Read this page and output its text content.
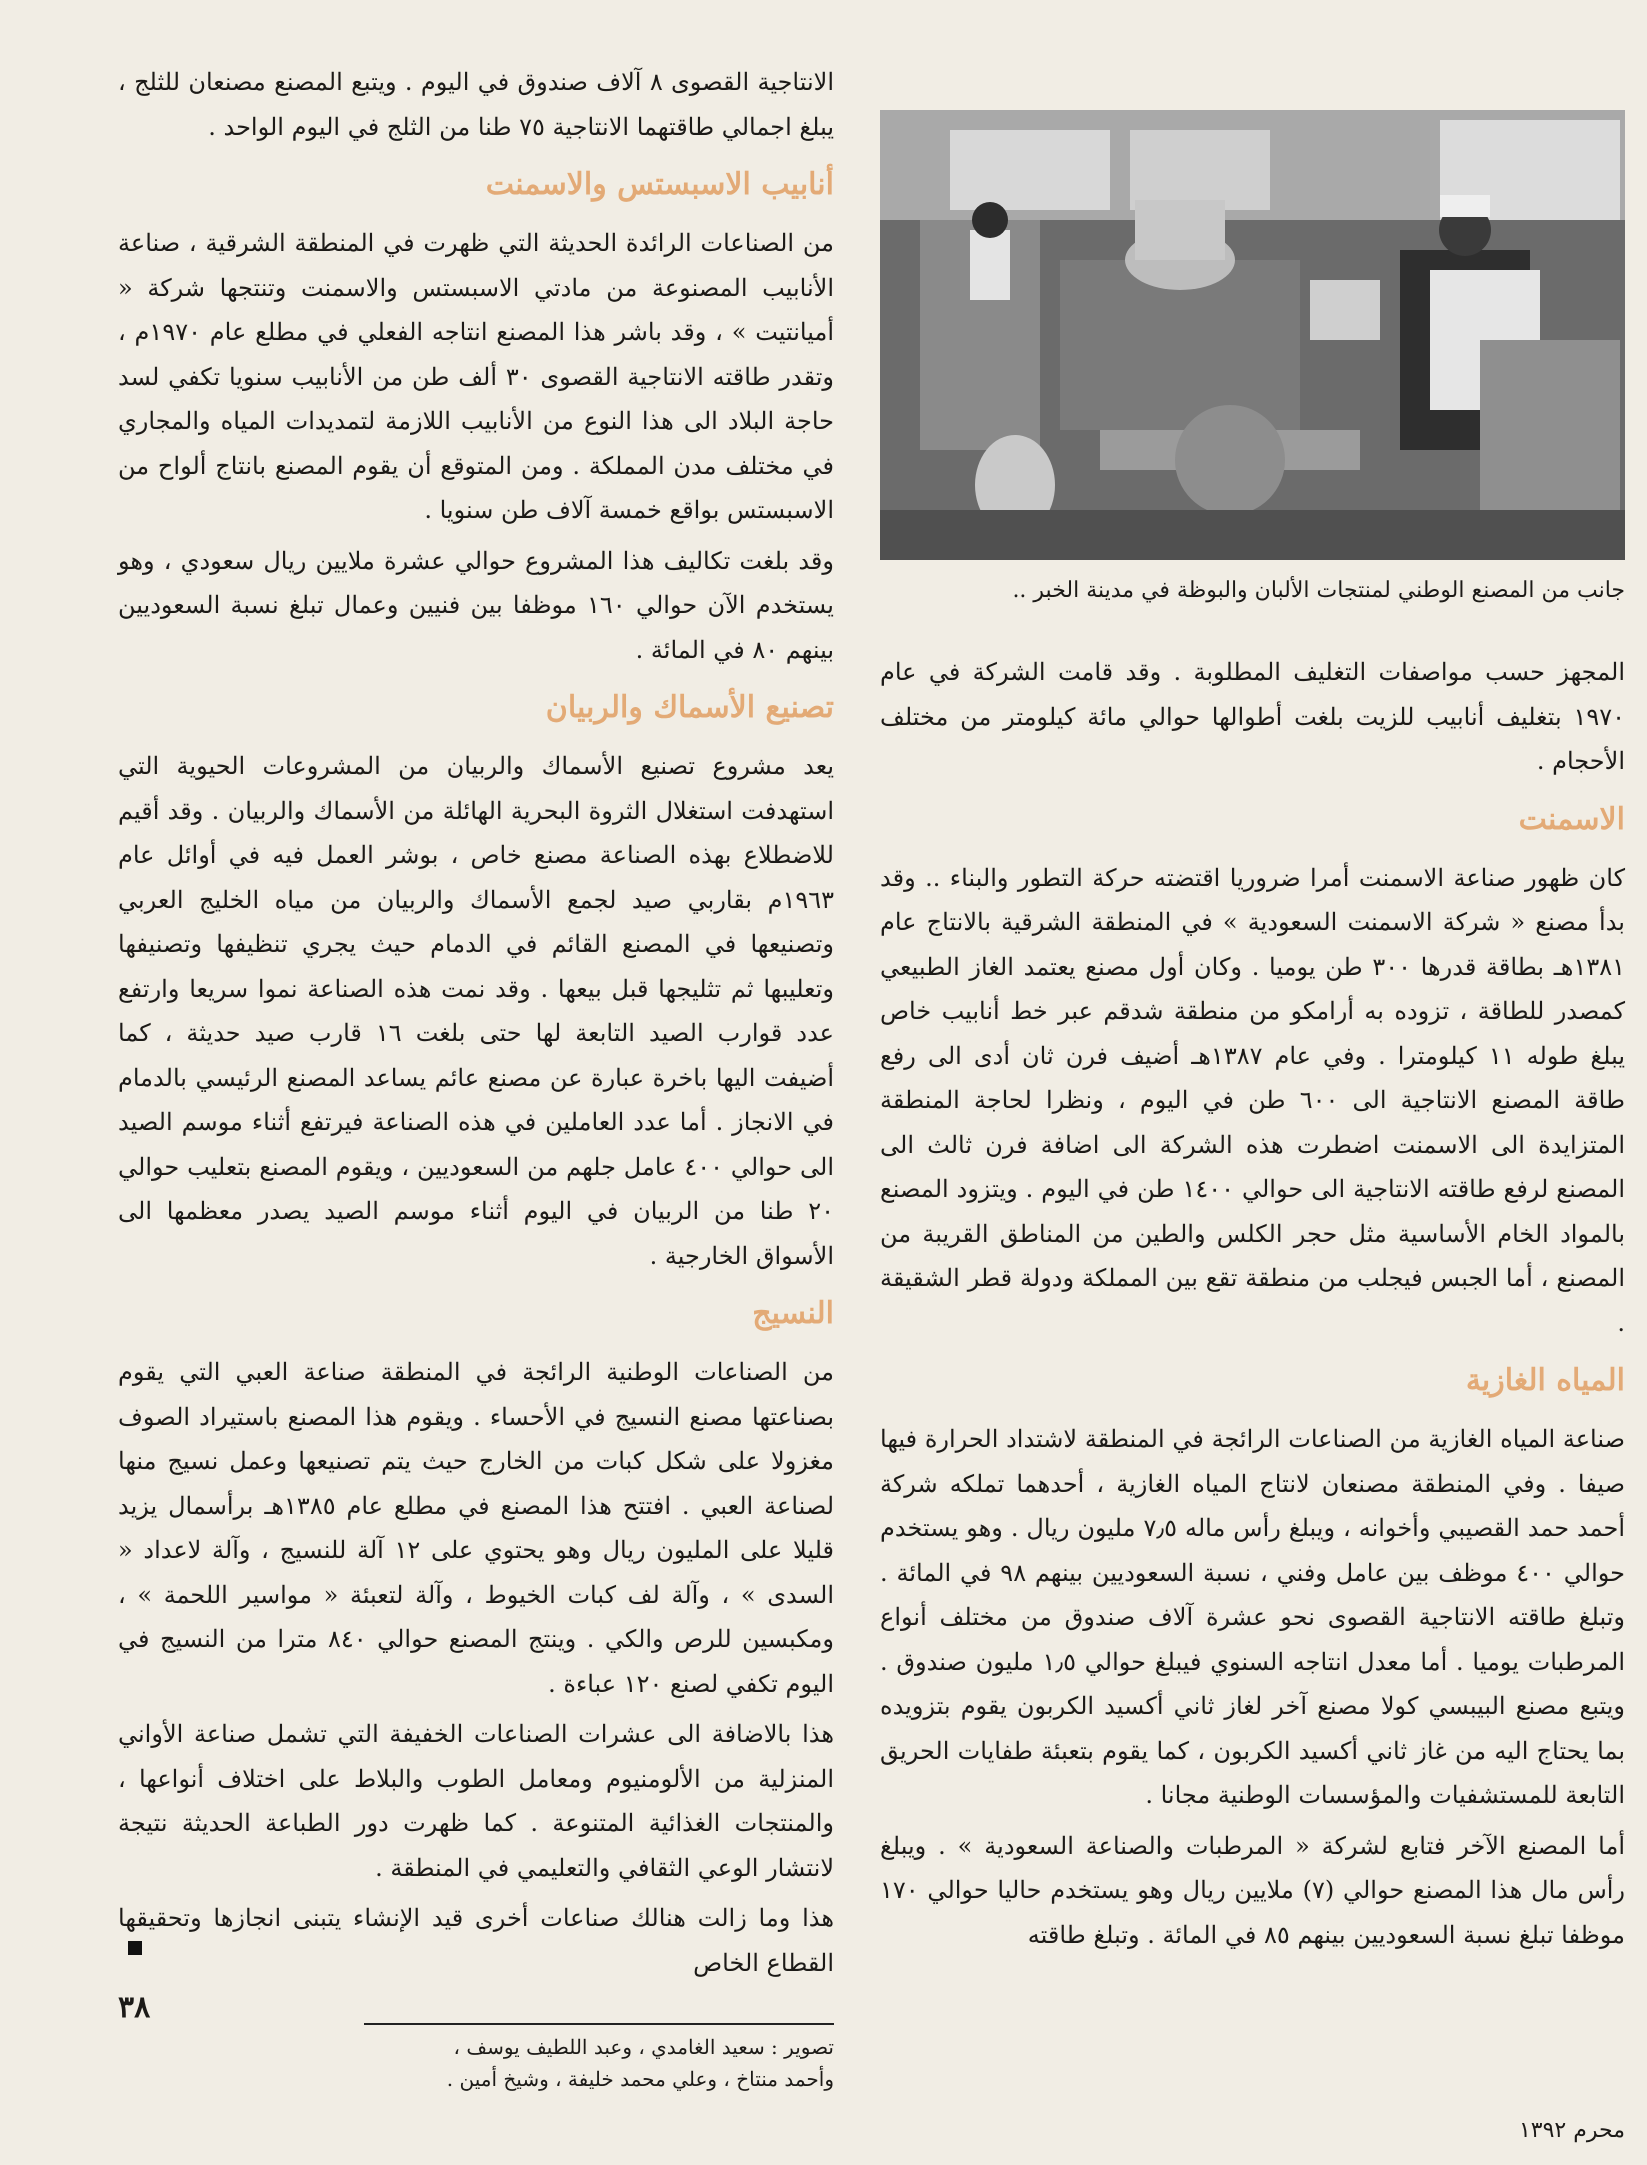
جانب من المصنع الوطني لمنتجات الألبان والبوظة في مدينة الخبر ..

المجهز حسب مواصفات التغليف المطلوبة . وقد قامت الشركة في عام ١٩٧٠ بتغليف أنابيب للزيت بلغت أطوالها حوالي مائة كيلومتر من مختلف الأحجام .

الاسمنت

كان ظهور صناعة الاسمنت أمرا ضروريا اقتضته حركة التطور والبناء .. وقد بدأ مصنع « شركة الاسمنت السعودية » في المنطقة الشرقية بالانتاج عام ١٣٨١هـ بطاقة قدرها ٣٠٠ طن يوميا . وكان أول مصنع يعتمد الغاز الطبيعي كمصدر للطاقة ، تزوده به أرامكو من منطقة شدقم عبر خط أنابيب خاص يبلغ طوله ١١ كيلومترا . وفي عام ١٣٨٧هـ أضيف فرن ثان أدى الى رفع طاقة المصنع الانتاجية الى ٦٠٠ طن في اليوم ، ونظرا لحاجة المنطقة المتزايدة الى الاسمنت اضطرت هذه الشركة الى اضافة فرن ثالث الى المصنع لرفع طاقته الانتاجية الى حوالي ١٤٠٠ طن في اليوم . ويتزود المصنع بالمواد الخام الأساسية مثل حجر الكلس والطين من المناطق القريبة من المصنع ، أما الجبس فيجلب من منطقة تقع بين المملكة ودولة قطر الشقيقة .

المياه الغازية

صناعة المياه الغازية من الصناعات الرائجة في المنطقة لاشتداد الحرارة فيها صيفا . وفي المنطقة مصنعان لانتاج المياه الغازية ، أحدهما تملكه شركة أحمد حمد القصيبي وأخوانه ، ويبلغ رأس ماله ٧٫٥ مليون ريال . وهو يستخدم حوالي ٤٠٠ موظف بين عامل وفني ، نسبة السعوديين بينهم ٩٨ في المائة . وتبلغ طاقته الانتاجية القصوى نحو عشرة آلاف صندوق من مختلف أنواع المرطبات يوميا . أما معدل انتاجه السنوي فيبلغ حوالي ١٫٥ مليون صندوق . ويتبع مصنع البيبسي كولا مصنع آخر لغاز ثاني أكسيد الكربون يقوم بتزويده بما يحتاج اليه من غاز ثاني أكسيد الكربون ، كما يقوم بتعبئة طفايات الحريق التابعة للمستشفيات والمؤسسات الوطنية مجانا .

أما المصنع الآخر فتابع لشركة « المرطبات والصناعة السعودية » . ويبلغ رأس مال هذا المصنع حوالي (٧) ملايين ريال وهو يستخدم حاليا حوالي ١٧٠ موظفا تبلغ نسبة السعوديين بينهم ٨٥ في المائة . وتبلغ طاقته

الانتاجية القصوى ٨ آلاف صندوق في اليوم . ويتبع المصنع مصنعان للثلج ، يبلغ اجمالي طاقتهما الانتاجية ٧٥ طنا من الثلج في اليوم الواحد .

أنابيب الاسبستس والاسمنت

من الصناعات الرائدة الحديثة التي ظهرت في المنطقة الشرقية ، صناعة الأنابيب المصنوعة من مادتي الاسبستس والاسمنت وتنتجها شركة « أميانتيت » ، وقد باشر هذا المصنع انتاجه الفعلي في مطلع عام ١٩٧٠م ، وتقدر طاقته الانتاجية القصوى ٣٠ ألف طن من الأنابيب سنويا تكفي لسد حاجة البلاد الى هذا النوع من الأنابيب اللازمة لتمديدات المياه والمجاري في مختلف مدن المملكة . ومن المتوقع أن يقوم المصنع بانتاج ألواح من الاسبستس بواقع خمسة آلاف طن سنويا .

وقد بلغت تكاليف هذا المشروع حوالي عشرة ملايين ريال سعودي ، وهو يستخدم الآن حوالي ١٦٠ موظفا بين فنيين وعمال تبلغ نسبة السعوديين بينهم ٨٠ في المائة .

تصنيع الأسماك والربيان

يعد مشروع تصنيع الأسماك والربيان من المشروعات الحيوية التي استهدفت استغلال الثروة البحرية الهائلة من الأسماك والربيان . وقد أقيم للاضطلاع بهذه الصناعة مصنع خاص ، بوشر العمل فيه في أوائل عام ١٩٦٣م بقاربي صيد لجمع الأسماك والربيان من مياه الخليج العربي وتصنيعها في المصنع القائم في الدمام حيث يجري تنظيفها وتصنيفها وتعليبها ثم تثليجها قبل بيعها . وقد نمت هذه الصناعة نموا سريعا وارتفع عدد قوارب الصيد التابعة لها حتى بلغت ١٦ قارب صيد حديثة ، كما أضيفت اليها باخرة عبارة عن مصنع عائم يساعد المصنع الرئيسي بالدمام في الانجاز . أما عدد العاملين في هذه الصناعة فيرتفع أثناء موسم الصيد الى حوالي ٤٠٠ عامل جلهم من السعوديين ، ويقوم المصنع بتعليب حوالي ٢٠ طنا من الربيان في اليوم أثناء موسم الصيد يصدر معظمها الى الأسواق الخارجية .

النسيج

من الصناعات الوطنية الرائجة في المنطقة صناعة العبي التي يقوم بصناعتها مصنع النسيج في الأحساء . ويقوم هذا المصنع باستيراد الصوف مغزولا على شكل كبات من الخارج حيث يتم تصنيعها وعمل نسيج منها لصناعة العبي . افتتح هذا المصنع في مطلع عام ١٣٨٥هـ برأسمال يزيد قليلا على المليون ريال وهو يحتوي على ١٢ آلة للنسيج ، وآلة لاعداد « السدى » ، وآلة لف كبات الخيوط ، وآلة لتعبئة « مواسير اللحمة » ، ومكبسين للرص والكي . وينتج المصنع حوالي ٨٤٠ مترا من النسيج في اليوم تكفي لصنع ١٢٠ عباءة .

هذا بالاضافة الى عشرات الصناعات الخفيفة التي تشمل صناعة الأواني المنزلية من الألومنيوم ومعامل الطوب والبلاط على اختلاف أنواعها ، والمنتجات الغذائية المتنوعة . كما ظهرت دور الطباعة الحديثة نتيجة لانتشار الوعي الثقافي والتعليمي في المنطقة .

هذا وما زالت هنالك صناعات أخرى قيد الإنشاء يتبنى انجازها وتحقيقها القطاع الخاص

تصوير : سعيد الغامدي ، وعبد اللطيف يوسف ،
وأحمد منتاخ ، وعلي محمد خليفة ، وشيخ أمين .
٣٨
محرم ١٣٩٢
